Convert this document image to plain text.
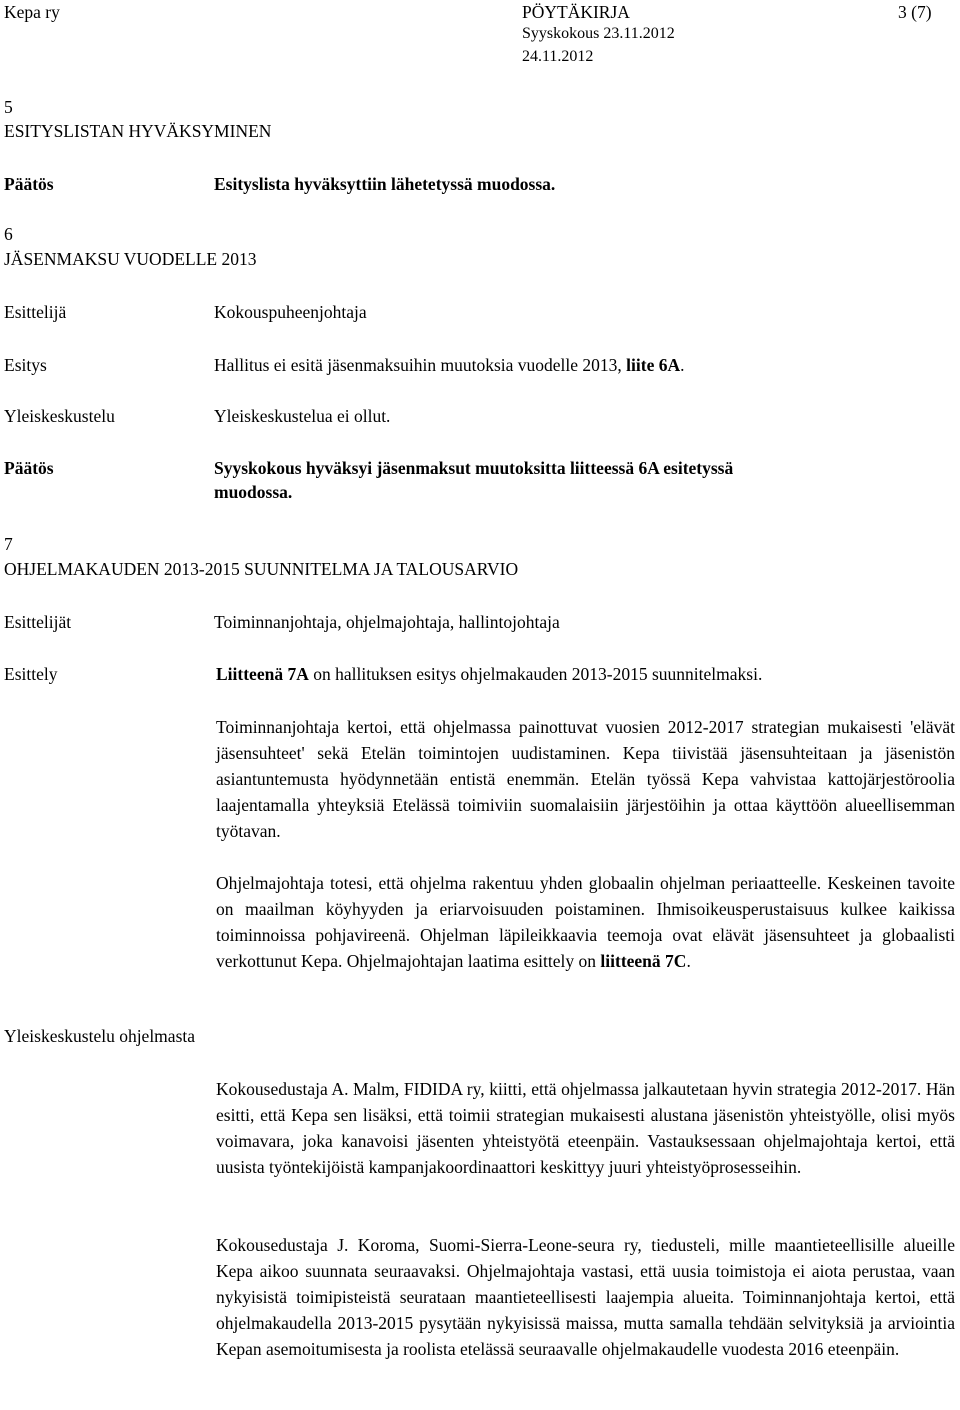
Kepa ry	PÖYTÄKIRJA	3 (7)
Syyskokous 23.11.2012
24.11.2012
5
ESITYSLISTAN HYVÄKSYMINEN
Päätös	Esityslista hyväksyttiin lähetetyssä muodossa.
6
JÄSENMAKSU VUODELLE 2013
Esittelijä	Kokouspuheenjohtaja
Esitys	Hallitus ei esitä jäsenmaksuihin muutoksia vuodelle 2013, liite 6A.
Yleiskeskustelu	Yleiskeskustelua ei ollut.
Päätös	Syyskokous hyväksyi jäsenmaksut muutoksitta liitteessä 6A esitetyssä
muodossa.
7
OHJELMAKAUDEN 2013-2015 SUUNNITELMA JA TALOUSARVIO
Esittelijät	Toiminnanjohtaja, ohjelmajohtaja, hallintojohtaja
Esittely	Liitteenä 7A on hallituksen esitys ohjelmakauden 2013-2015 suunnitelmaksi.
Yleiskeskustelu ohjelmasta

Toiminnanjohtaja kertoi, että ohjelmassa painottuvat vuosien 2012-2017 strategian mukaisesti 'elävät jäsensuhteet' sekä Etelän toimintojen uudistaminen. Kepa tiivistää jäsensuhteitaan ja jäsenistön asiantuntemusta hyödynnetään entistä enemmän. Etelän työssä Kepa vahvistaa kattojärjestöroolia laajentamalla yhteyksiä Etelässä toimiviin suomalaisiin järjestöihin ja ottaa käyttöön alueellisemman työtavan.

Ohjelmajohtaja totesi, että ohjelma rakentuu yhden globaalin ohjelman periaatteelle. Keskeinen tavoite on maailman köyhyyden ja eriarvoisuuden poistaminen. Ihmisoikeusperustaisuus kulkee kaikissa toiminnoissa pohjavireenä. Ohjelman läpileikkaavia teemoja ovat elävät jäsensuhteet ja globaalisti verkottunut Kepa. Ohjelmajohtajan laatima esittely on liitteenä 7C.

Kokousedustaja A. Malm, FIDIDA ry, kiitti, että ohjelmassa jalkautetaan hyvin strategia 2012-2017. Hän esitti, että Kepa sen lisäksi, että toimii strategian mukaisesti alustana jäsenistön yhteistyölle, olisi myös voimavara, joka kanavoisi jäsenten yhteistyötä eteenpäin. Vastauksessaan ohjelmajohtaja kertoi, että uusista työntekijöistä kampanjakoordinaattori keskittyy juuri yhteistyöprosesseihin.

Kokousedustaja J. Koroma, Suomi-Sierra-Leone-seura ry, tiedusteli, mille maantieteellisille alueille Kepa aikoo suunnata seuraavaksi. Ohjelmajohtaja vastasi, että uusia toimistoja ei aiota perustaa, vaan nykyisistä toimipisteistä seurataan maantieteellisesti laajempia alueita. Toiminnanjohtaja kertoi, että ohjelmakaudella 2013-2015 pysytään nykyisissä maissa, mutta samalla tehdään selvityksiä ja arviointia Kepan asemoitumisesta ja roolista etelässä seuraavalle ohjelmakaudelle vuodesta 2016 eteenpäin.
